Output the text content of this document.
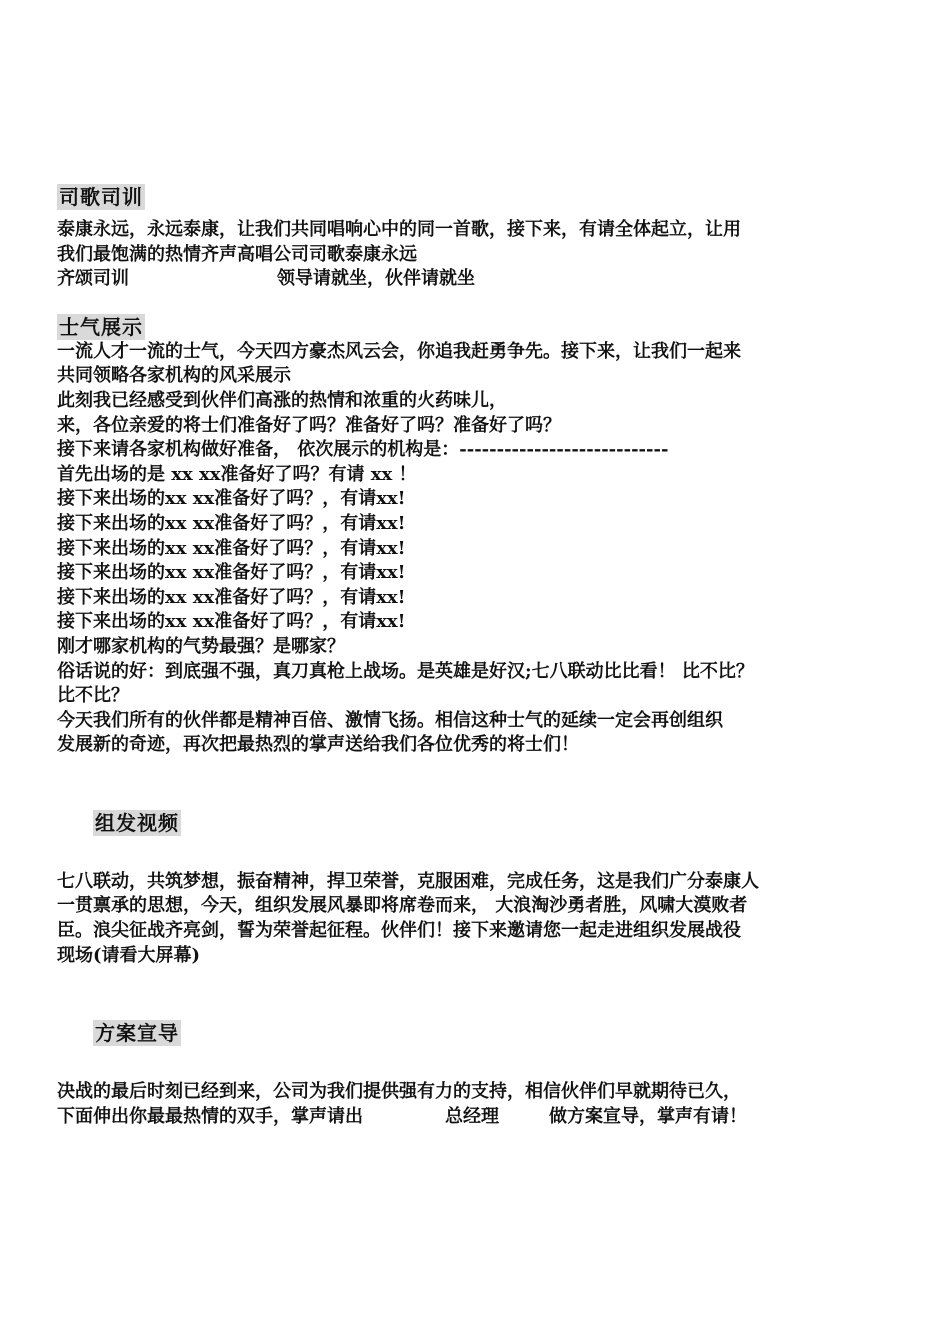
司歌司训
泰康永远，永远泰康，让我们共同唱响心中的同一首歌，接下来，有请全体起立，让用
我们最饱满的热情齐声高唱公司司歌泰康永远
齐颂司训	领导请就坐，伙伴请就坐
士气展示
一流人才一流的士气，今天四方豪杰风云会，你追我赶勇争先。接下来，让我们一起来
共同领略各家机构的风采展示
此刻我已经感受到伙伴们高涨的热情和浓重的火药味儿，
来，各位亲爱的将士们准备好了吗？准备好了吗？准备好了吗？
接下来请各家机构做好准备， 依次展示的机构是：----------------------------
首先出场的是 xx xx准备好了吗？有请 xx ！
接下来出场的xx xx准备好了吗？，有请xx!
接下来出场的xx xx准备好了吗？，有请xx!
接下来出场的xx xx准备好了吗？，有请xx!
接下来出场的xx xx准备好了吗？，有请xx!
接下来出场的xx xx准备好了吗？，有请xx!
接下来出场的xx xx准备好了吗？，有请xx!
刚才哪家机构的气势最强？是哪家？
俗话说的好：到底强不强，真刀真枪上战场。是英雄是好汉;七八联动比比看！ 比不比？
比不比？
今天我们所有的伙伴都是精神百倍、激情飞扬。相信这种士气的延续一定会再创组织
发展新的奇迹，再次把最热烈的掌声送给我们各位优秀的将士们！
组发视频
七八联动，共筑梦想，振奋精神，捍卫荣誉，克服困难，完成任务，这是我们广分泰康人
一贯禀承的思想，今天，组织发展风暴即将席卷而来， 大浪淘沙勇者胜，风啸大漠败者
臣。浪尖征战齐亮剑，誓为荣誉起征程。伙伴们！接下来邀请您一起走进组织发展战役
现场(请看大屏幕)
方案宣导
决战的最后时刻已经到来，公司为我们提供强有力的支持，相信伙伴们早就期待已久，
下面伸出你最最热情的双手，掌声请出	总经理	做方案宣导，掌声有请！
